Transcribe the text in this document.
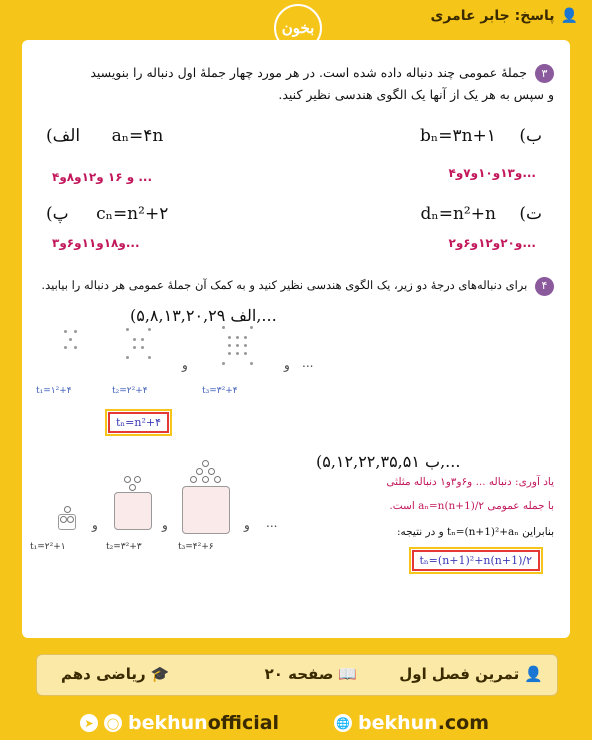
👤
پاسخ: جابر عامری
بخون
۳ جملهٔ عمومی چند دنباله داده شده است. در هر مورد چهار جملهٔ اول دنباله را بنویسید
و سپس به هر یک از آنها یک الگوی هندسی نظیر کنید.
bₙ=۳n+۱ (ب
(الف aₙ=۴n
...و۱۳و۱۰و۷و۴
... و ۱۶ و۱۲و۸و۴
dₙ=n²+n (ت
(پ cₙ=n²+۲
...و۲۰و۱۲و۶و۲
...و۱۸و۱۱و۶و۳
۴ برای دنباله‌های درجهٔ دو زیر، یک الگوی هندسی نظیر کنید و به کمک آن جملهٔ عمومی هر دنباله را بیابید.
(الف ۵,۸,۱۳,۲۰,۲۹,...
و	و ...
t₁=۱²+۴	t₂=۲²+۴	t₃=۳²+۴
tₙ=n²+۴
(ب ۵,۱۲,۲۲,۳۵,۵۱,...
یاد آوری: دنباله ... و۶و۳و۱ دنباله مثلثی
با جمله عمومی aₙ=n(n+1)/۲ است.
بنابراین tₙ=(n+1)²+aₙ و در نتیجه:
tₙ=(n+1)²+n(n+1)/۲
و	و	و ...
t₁=۲²+۱	t₂=۳²+۳	t₃=۴²+۶
👤
تمرین فصل اول
📖
صفحه ۲۰
🎓
ریاضی دهم
➤	◯ bekhunofficial	🌐 bekhun.com
